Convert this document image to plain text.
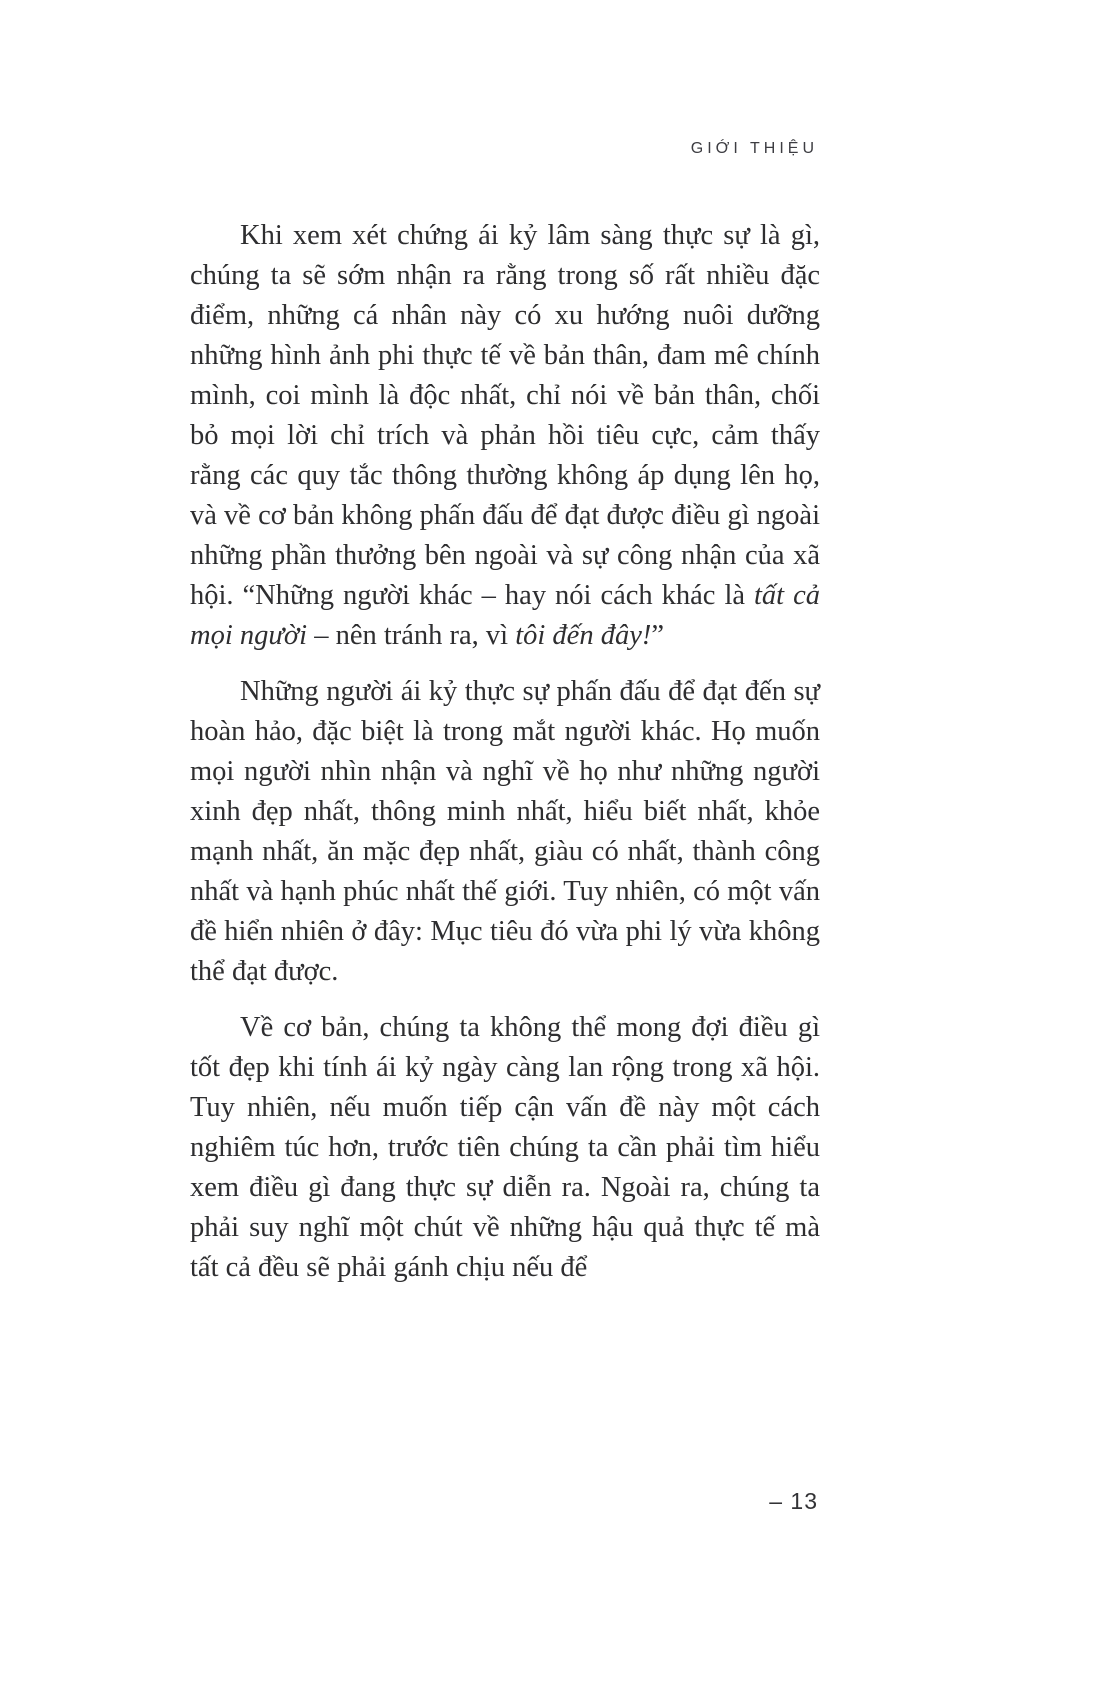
GIỚI THIỆU

Khi xem xét chứng ái kỷ lâm sàng thực sự là gì, chúng ta sẽ sớm nhận ra rằng trong số rất nhiều đặc điểm, những cá nhân này có xu hướng nuôi dưỡng những hình ảnh phi thực tế về bản thân, đam mê chính mình, coi mình là độc nhất, chỉ nói về bản thân, chối bỏ mọi lời chỉ trích và phản hồi tiêu cực, cảm thấy rằng các quy tắc thông thường không áp dụng lên họ, và về cơ bản không phấn đấu để đạt được điều gì ngoài những phần thưởng bên ngoài và sự công nhận của xã hội. “Những người khác – hay nói cách khác là tất cả mọi người – nên tránh ra, vì tôi đến đây!”

Những người ái kỷ thực sự phấn đấu để đạt đến sự hoàn hảo, đặc biệt là trong mắt người khác. Họ muốn mọi người nhìn nhận và nghĩ về họ như những người xinh đẹp nhất, thông minh nhất, hiểu biết nhất, khỏe mạnh nhất, ăn mặc đẹp nhất, giàu có nhất, thành công nhất và hạnh phúc nhất thế giới. Tuy nhiên, có một vấn đề hiển nhiên ở đây: Mục tiêu đó vừa phi lý vừa không thể đạt được.

Về cơ bản, chúng ta không thể mong đợi điều gì tốt đẹp khi tính ái kỷ ngày càng lan rộng trong xã hội. Tuy nhiên, nếu muốn tiếp cận vấn đề này một cách nghiêm túc hơn, trước tiên chúng ta cần phải tìm hiểu xem điều gì đang thực sự diễn ra. Ngoài ra, chúng ta phải suy nghĩ một chút về những hậu quả thực tế mà tất cả đều sẽ phải gánh chịu nếu để

– 13
